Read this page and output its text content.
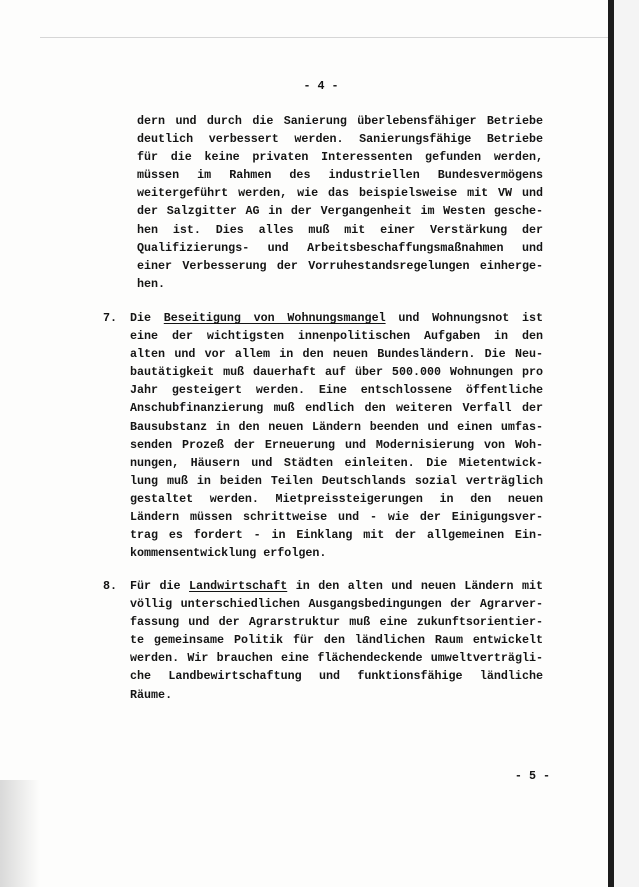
- 4 -
dern und durch die Sanierung überlebensfähiger Betriebe
deutlich verbessert werden. Sanierungsfähige Betriebe
für die keine privaten Interessenten gefunden werden,
müssen im Rahmen des industriellen Bundesvermögens
weitergeführt werden, wie das beispielsweise mit VW und
der Salzgitter AG in der Vergangenheit im Westen gesche-
hen ist. Dies alles muß mit einer Verstärkung der
Qualifizierungs- und Arbeitsbeschaffungsmaßnahmen und
einer Verbesserung der Vorruhestandsregelungen einherge-
hen.
7. Die Beseitigung von Wohnungsmangel und Wohnungsnot ist
eine der wichtigsten innenpolitischen Aufgaben in den
alten und vor allem in den neuen Bundesländern. Die Neu-
bautätigkeit muß dauerhaft auf über 500.000 Wohnungen pro
Jahr gesteigert werden. Eine entschlossene öffentliche
Anschubfinanzierung muß endlich den weiteren Verfall der
Bausubstanz in den neuen Ländern beenden und einen umfas-
senden Prozeß der Erneuerung und Modernisierung von Woh-
nungen, Häusern und Städten einleiten. Die Mietentwick-
lung muß in beiden Teilen Deutschlands sozial verträglich
gestaltet werden. Mietpreissteigerungen in den neuen
Ländern müssen schrittweise und - wie der Einigungsver-
trag es fordert - in Einklang mit der allgemeinen Ein-
kommensentwicklung erfolgen.
8. Für die Landwirtschaft in den alten und neuen Ländern mit
völlig unterschiedlichen Ausgangsbedingungen der Agrarver-
fassung und der Agrarstruktur muß eine zukunftsorientier-
te gemeinsame Politik für den ländlichen Raum entwickelt
werden. Wir brauchen eine flächendeckende umweltverträgli-
che Landbewirtschaftung und funktionsfähige ländliche
Räume.
- 5 -
